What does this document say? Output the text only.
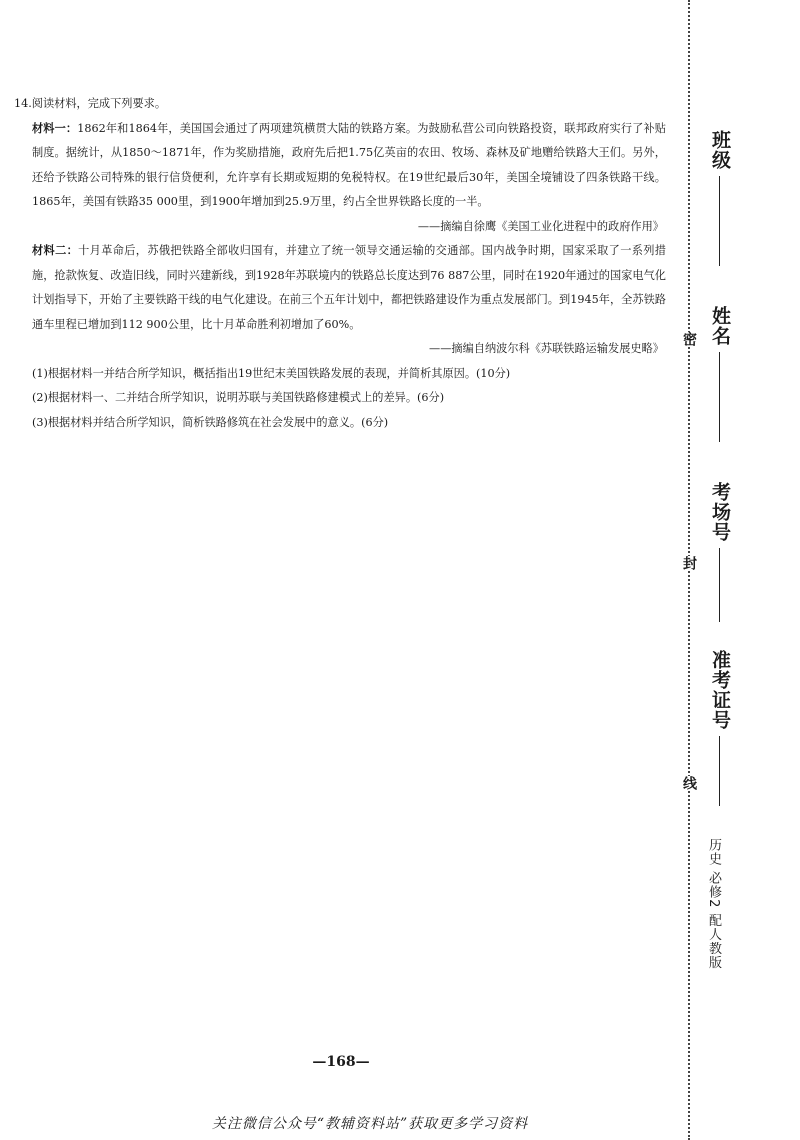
14.阅读材料，完成下列要求。

材料一：1862年和1864年，美国国会通过了两项建筑横贯大陆的铁路方案。为鼓励私营公司向铁路投资，联邦政府实行了补贴制度。据统计，从1850～1871年，作为奖励措施，政府先后把1.75亿英亩的农田、牧场、森林及矿地赠给铁路大王们。另外，还给予铁路公司特殊的银行信贷便利，允许享有长期或短期的免税特权。在19世纪最后30年，美国全境铺设了四条铁路干线。1865年，美国有铁路35 000里，到1900年增加到25.9万里，约占全世界铁路长度的一半。

——摘编自徐鹰《美国工业化进程中的政府作用》

材料二：十月革命后，苏俄把铁路全部收归国有，并建立了统一领导交通运输的交通部。国内战争时期，国家采取了一系列措施，抢款恢复、改造旧线，同时兴建新线，到1928年苏联境内的铁路总长度达到76 887公里，同时在1920年通过的国家电气化计划指导下，开始了主要铁路干线的电气化建设。在前三个五年计划中，都把铁路建设作为重点发展部门。到1945年，全苏铁路通车里程已增加到112 900公里，比十月革命胜利初增加了60%。

——摘编自纳波尔科《苏联铁路运输发展史略》

(1)根据材料一并结合所学知识，概括指出19世纪末美国铁路发展的表现，并简析其原因。(10分)

(2)根据材料一、二并结合所学知识，说明苏联与美国铁路修建模式上的差异。(6分)

(3)根据材料并结合所学知识，简析铁路修筑在社会发展中的意义。(6分)

班级
姓名
考场号
准考证号
密
封
线
历史 必修2 配人教版
—168—
关注微信公众号“教辅资料站”获取更多学习资料
